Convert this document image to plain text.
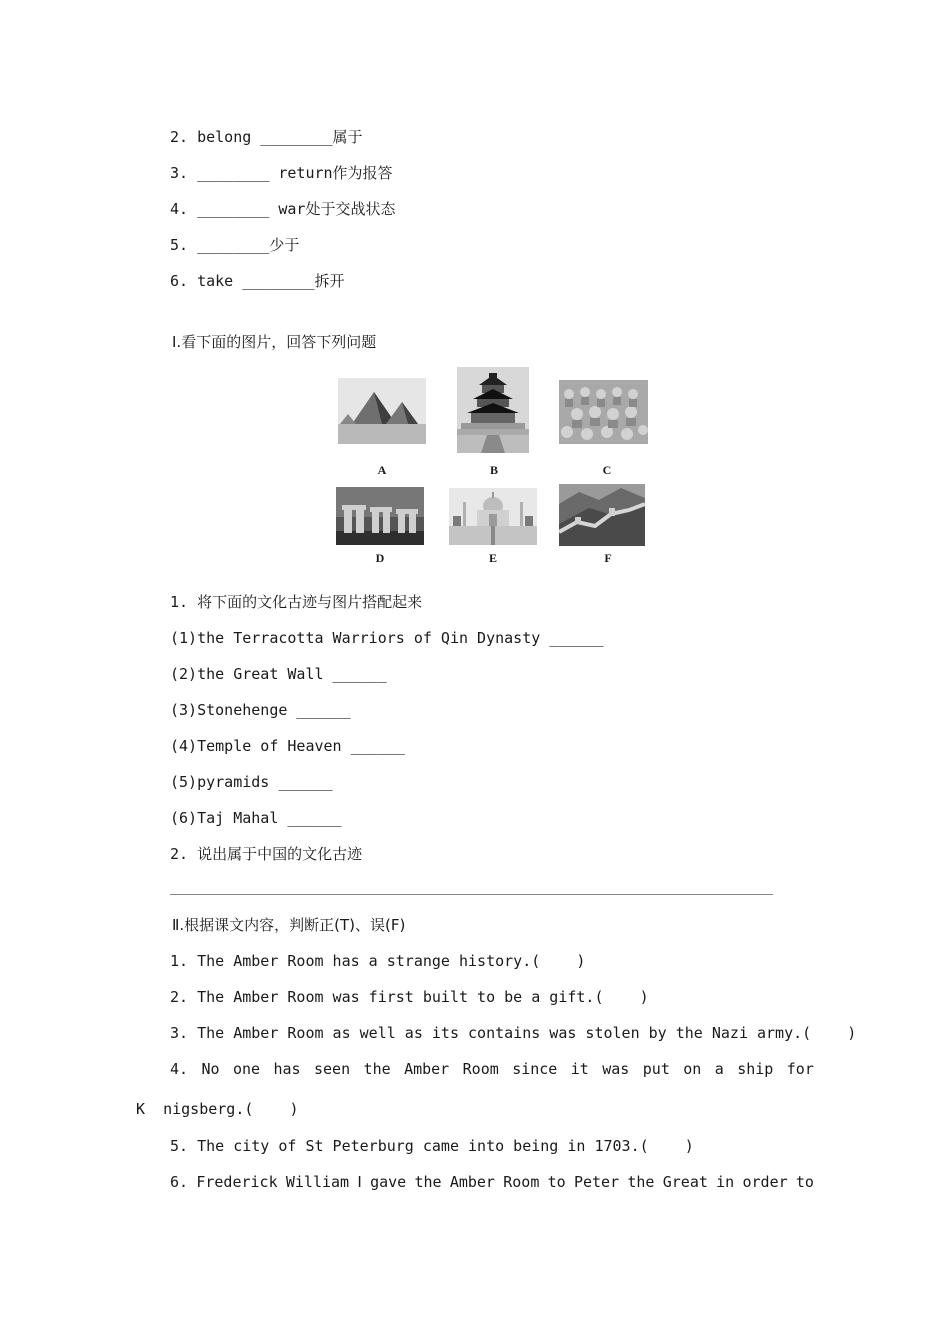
2. belong ________属于
3. ________ return作为报答
4. ________ war处于交战状态
5. ________少于
6. take ________拆开
Ⅰ.看下面的图片，回答下列问题
A	B	C
D	E	F
1. 将下面的文化古迹与图片搭配起来
(1)the Terracotta Warriors of Qin Dynasty ______
(2)the Great Wall ______
(3)Stonehenge ______
(4)Temple of Heaven ______
(5)pyramids ______
(6)Taj Mahal ______
2. 说出属于中国的文化古迹
Ⅱ.根据课文内容，判断正(T)、误(F)
1. The Amber Room has a strange history.(    )
2. The Amber Room was first built to be a gift.(    )
3. The Amber Room as well as its contains was stolen by the Nazi army.(    )
4. No one has seen the Amber Room since it was put on a ship for
K  nigsberg.(    )
5. The city of St Peterburg came into being in 1703.(    )
6. Frederick William Ⅰ gave the Amber Room to Peter the Great in order to
